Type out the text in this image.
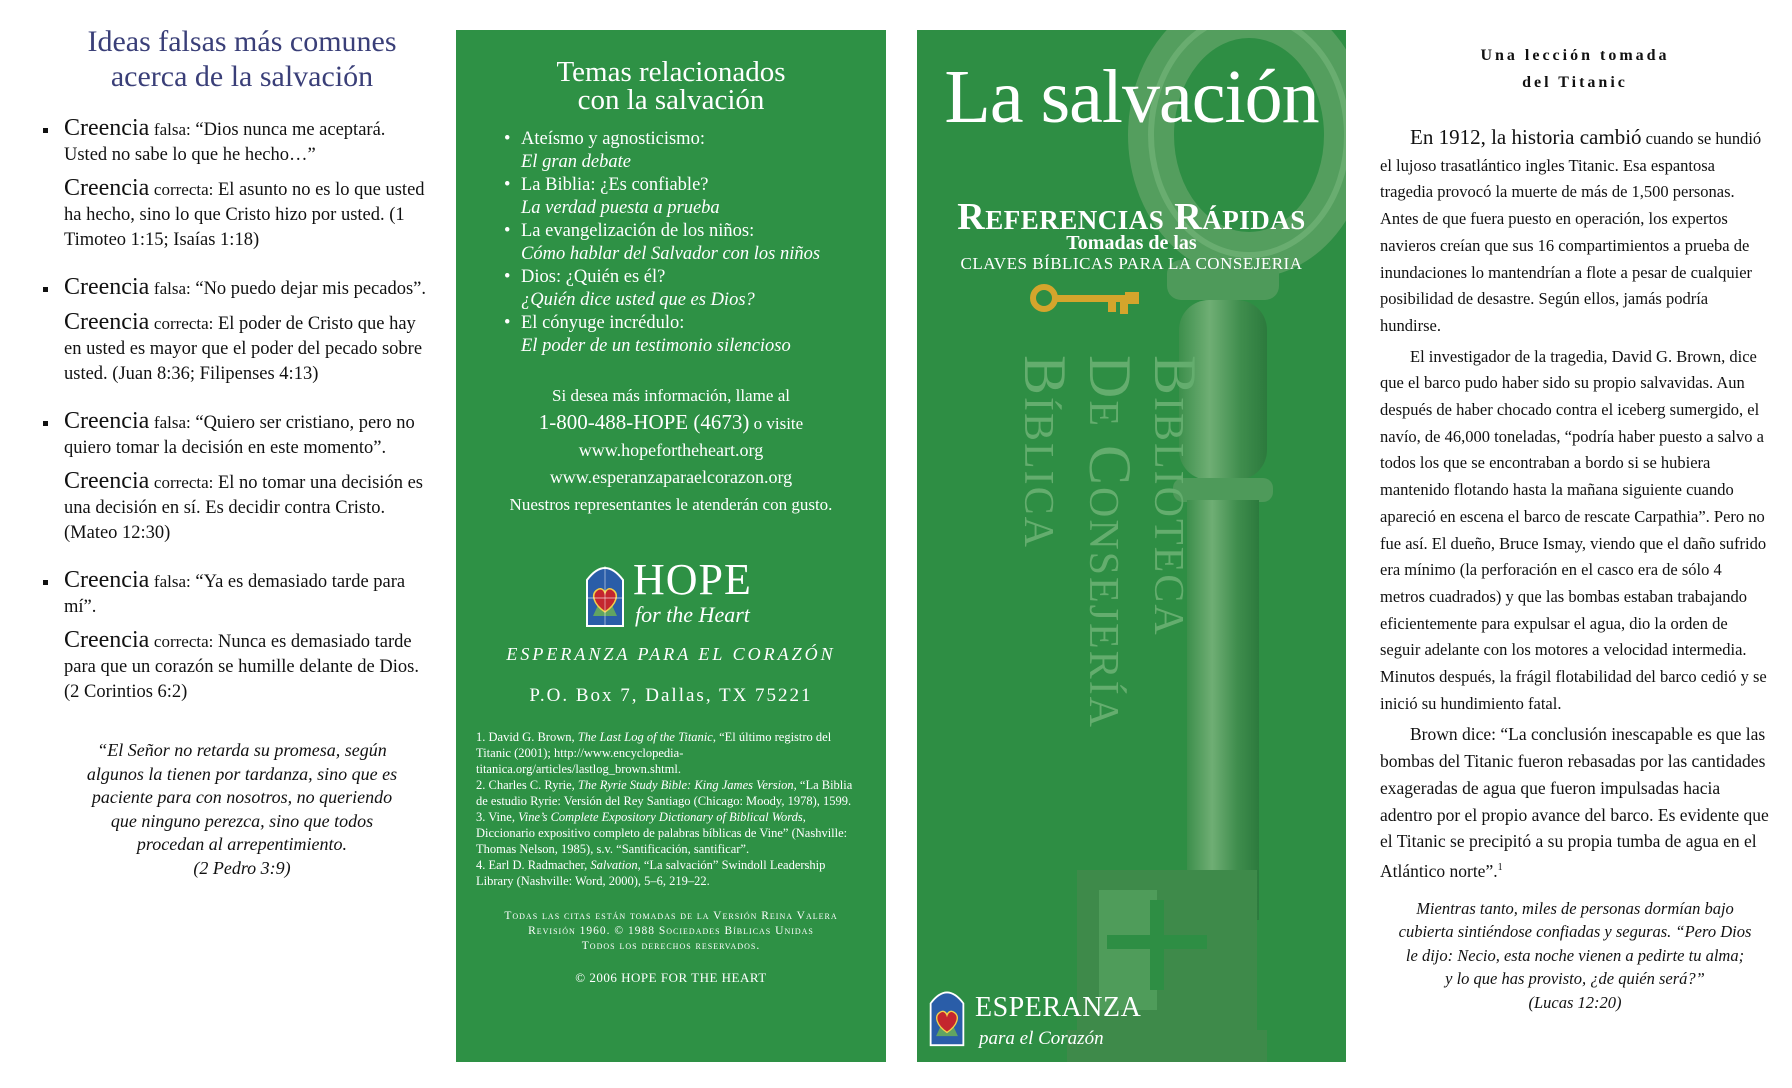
Ideas falsas más comunes
acerca de la salvación
Creencia falsa: “Dios nunca me aceptará. Usted no sabe lo que he hecho…”
Creencia correcta: El asunto no es lo que usted ha hecho, sino lo que Cristo hizo por usted. (1 Timoteo 1:15; Isaías 1:18)
Creencia falsa: “No puedo dejar mis pecados”.
Creencia correcta: El poder de Cristo que hay en usted es mayor que el poder del pecado sobre usted. (Juan 8:36; Filipenses 4:13)
Creencia falsa: “Quiero ser cristiano, pero no quiero tomar la decisión en este momento”.
Creencia correcta: El no tomar una decisión es una decisión en sí. Es decidir contra Cristo. (Mateo 12:30)
Creencia falsa: “Ya es demasiado tarde para mí”.
Creencia correcta: Nunca es demasiado tarde para que un corazón se humille delante de Dios. (2 Corintios 6:2)
“El Señor no retarda su promesa, según
algunos la tienen por tardanza, sino que es
paciente para con nosotros, no queriendo
que ninguno perezca, sino que todos
procedan al arrepentimiento.
(2 Pedro 3:9)
Temas relacionados
con la salvación
• Ateísmo y agnosticismo:
El gran debate
• La Biblia: ¿Es confiable?
La verdad puesta a prueba
• La evangelización de los niños:
Cómo hablar del Salvador con los niños
• Dios: ¿Quién es él?
¿Quién dice usted que es Dios?
• El cónyuge incrédulo:
El poder de un testimonio silencioso
Si desea más información, llame al
1-800-488-HOPE (4673) o visite
www.hopefortheheart.org
www.esperanzaparaelcorazon.org
Nuestros representantes le atenderán con gusto.
HOPE
for the Heart
ESPERANZA PARA EL CORAZÓN
P.O. Box 7, Dallas, TX 75221
1. David G. Brown, The Last Log of the Titanic, “El último registro del Titanic (2001); http://www.encyclopedia-titanica.org/articles/lastlog_brown.shtml.
2. Charles C. Ryrie, The Ryrie Study Bible: King James Version, “La Biblia de estudio Ryrie: Versión del Rey Santiago (Chicago: Moody, 1978), 1599.
3. Vine, Vine’s Complete Expository Dictionary of Biblical Words, Diccionario expositivo completo de palabras bíblicas de Vine” (Nashville: Thomas Nelson, 1985), s.v. “Santificación, santificar”.
4. Earl D. Radmacher, Salvation, “La salvación” Swindoll Leadership Library (Nashville: Word, 2000), 5–6, 219–22.
Todas las citas están tomadas de la Versión Reina Valera
Revisión 1960. © 1988 Sociedades Bíblicas Unidas
Todos los derechos reservados.
© 2006 HOPE FOR THE HEART
La salvación
Referencias Rápidas
Tomadas de las
CLAVES BÍBLICAS PARA LA CONSEJERIA
Biblioteca
De Consejería
Bíblica
ESPERANZA
para el Corazón
Una lección tomada
del Titanic

En 1912, la historia cambió cuando se hundió el lujoso trasatlántico ingles Titanic. Esa espantosa tragedia provocó la muerte de más de 1,500 personas. Antes de que fuera puesto en operación, los expertos navieros creían que sus 16 compartimientos a prueba de inundaciones lo mantendrían a flote a pesar de cualquier posibilidad de desastre. Según ellos, jamás podría hundirse.

El investigador de la tragedia, David G. Brown, dice que el barco pudo haber sido su propio salvavidas. Aun después de haber chocado contra el iceberg sumergido, el navío, de 46,000 toneladas, “podría haber puesto a salvo a todos los que se encontraban a bordo si se hubiera mantenido flotando hasta la mañana siguiente cuando apareció en escena el barco de rescate Carpathia”. Pero no fue así. El dueño, Bruce Ismay, viendo que el daño sufrido era mínimo (la perforación en el casco era de sólo 4 metros cuadrados) y que las bombas estaban trabajando eficientemente para expulsar el agua, dio la orden de seguir adelante con los motores a velocidad intermedia. Minutos después, la frágil flotabilidad del barco cedió y se inició su hundimiento fatal.

Brown dice: “La conclusión inescapable es que las bombas del Titanic fueron rebasadas por las cantidades exageradas de agua que fueron impulsadas hacia adentro por el propio avance del barco. Es evidente que el Titanic se precipitó a su propia tumba de agua en el Atlántico norte”.$^1$

Mientras tanto, miles de personas dormían bajo
cubierta sintiéndose confiadas y seguras. “Pero Dios
le dijo: Necio, esta noche vienen a pedirte tu alma;
y lo que has provisto, ¿de quién será?”
(Lucas 12:20)
